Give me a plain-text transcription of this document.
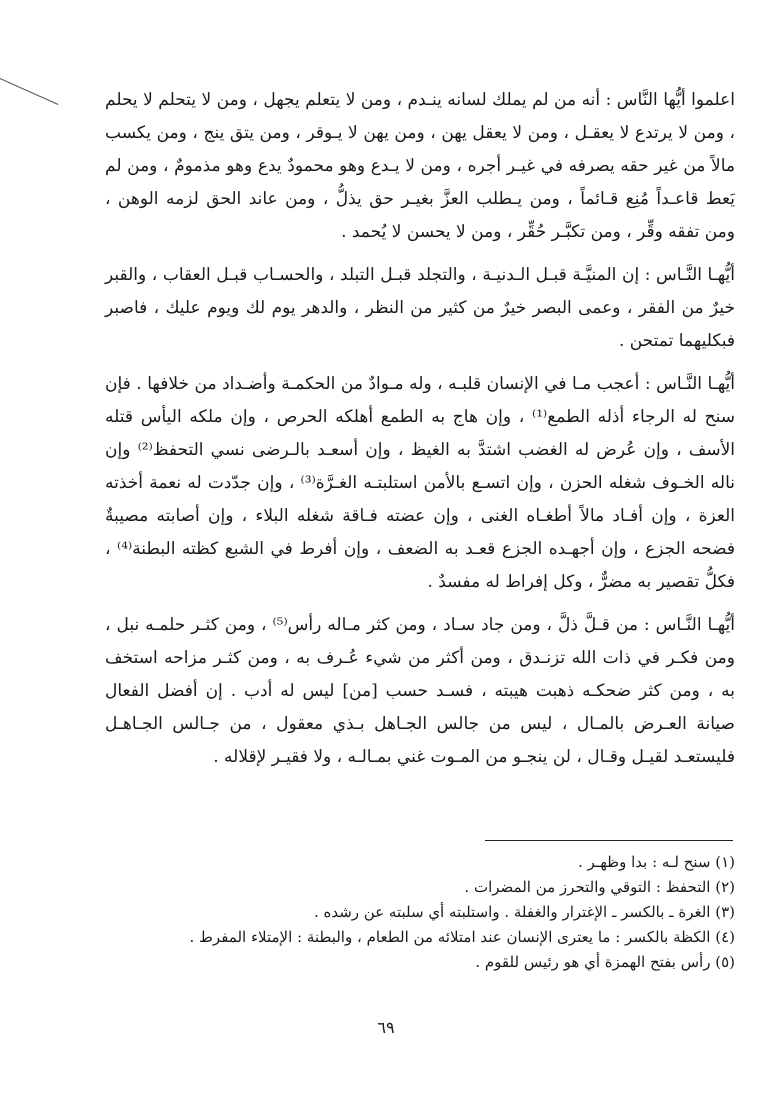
اعلموا أيُّها النَّاس : أنه من لم يملك لسانه ينـدم ، ومن لا يتعلم يجهل ، ومن لا يتحلم لا يحلم ، ومن لا يرتدع لا يعقـل ، ومن لا يعقل يهن ، ومن يهن لا يـوقر ، ومن يتق ينج ، ومن يكسب مالاً من غير حقه يصرفه في غيـر أجره ، ومن لا يـدع وهو محمودٌ يدع وهو مذمومٌ ، ومن لم يَعط قاعـداً مُنِع قـائماً ، ومن يـطلب العزَّ بغيـر حق يذلُّ ، ومن عاند الحق لزمه الوهن ، ومن تفقه وقِّر ، ومن تكبَّـر حُقِّر ، ومن لا يحسن لا يُحمد .

أيُّهـا النَّـاس : إن المنيَّـة قبـل الـدنيـة ، والتجلد قبـل التبلد ، والحسـاب قبـل العقاب ، والقبر خيرٌ من الفقر ، وعمى البصر خيرٌ من كثير من النظر ، والدهر يوم لك ويوم عليك ، فاصبر فبكليهما تمتحن .

أيُّهـا النَّـاس : أعجب مـا في الإنسان قلبـه ، وله مـوادٌ من الحكمـة وأضـداد من خلافها . فإن سنح له الرجاء أذله الطمع⁽¹⁾ ، وإن هاج به الطمع أهلكه الحرص ، وإن ملكه اليأس قتله الأسف ، وإن عُرض له الغضب اشتدَّ به الغيظ ، وإن أسعـد بالـرضى نسي التحفظ⁽²⁾ وإن ناله الخـوف شغله الحزن ، وإن اتسـع بالأمن استلبتـه الغـرَّة⁽³⁾ ، وإن جدّدت له نعمة أخذته العزة ، وإن أفـاد مالاً أطغـاه الغنى ، وإن عضته فـاقة شغله البلاء ، وإن أصابته مصيبةٌ فضحه الجزع ، وإن أجهـده الجزع قعـد به الضعف ، وإن أفرط في الشبع كظته البطنة⁽⁴⁾ ، فكلُّ تقصير به مضرٌّ ، وكل إفراط له مفسدٌ .

أيُّهـا النَّـاس : من قـلَّ ذلَّ ، ومن جاد سـاد ، ومن كثر مـاله رأس⁽⁵⁾ ، ومن كثـر حلمـه نبل ، ومن فكـر في ذات الله تزنـدق ، ومن أكثر من شيء عُـرف به ، ومن كثـر مزاحه استخف به ، ومن كثر ضحكـه ذهبت هيبته ، فسـد حسب [من] ليس له أدب . إن أفضل الفعال صيانة العـرض بالمـال ، ليس من جالس الجـاهل بـذي معقول ، من جـالس الجـاهـل فليستعـد لقيـل وقـال ، لن ينجـو من المـوت غني بمـالـه ، ولا فقيـر لإقلاله .

(١) سنح لـه : بدا وظهـر .
(٢) التحفظ : التوقي والتحرز من المضرات .
(٣) الغرة ـ بالكسر ـ الإغترار والغفلة . واستلبته أي سلبته عن رشده .
(٤) الكظة بالكسر : ما يعترى الإنسان عند امتلائه من الطعام ، والبطنة : الإمتلاء المفرط .
(٥) رأس بفتح الهمزة أي هو رئيس للقوم .
٦٩
